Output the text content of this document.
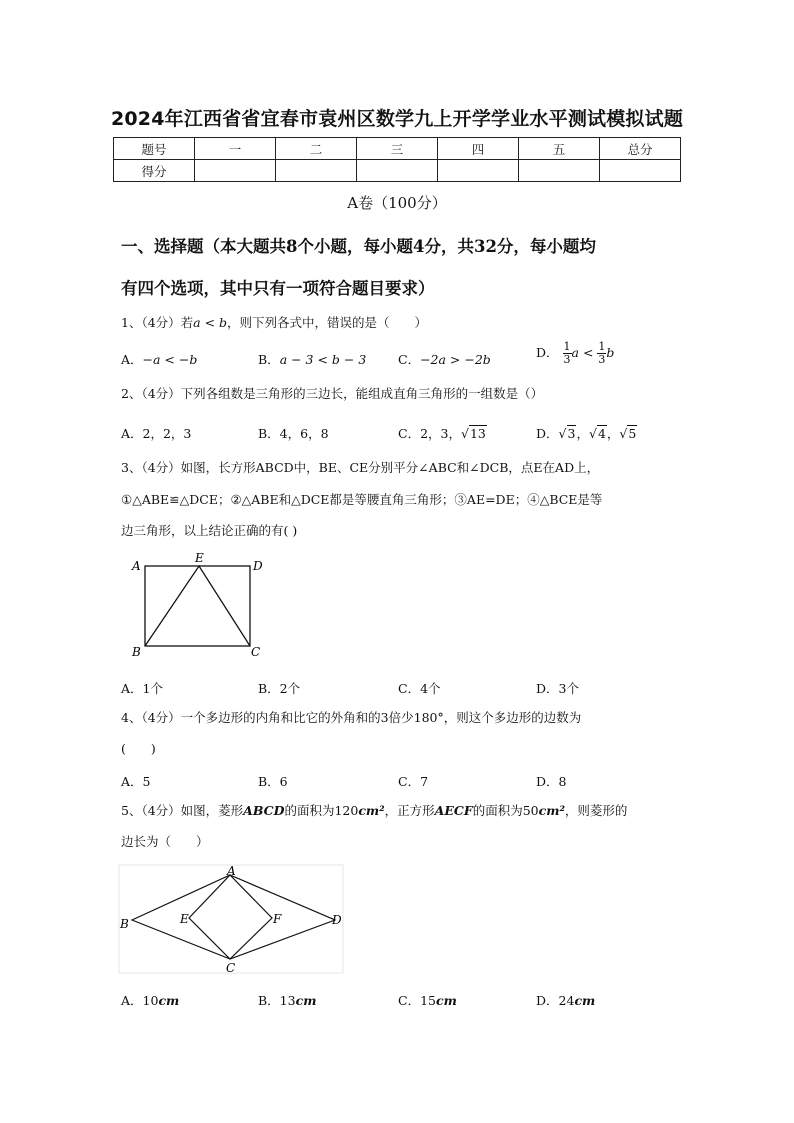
2024年江西省省宜春市袁州区数学九上开学学业水平测试模拟试题
题号	一	二	三	四	五	总分
得分						
A卷（100分）
一、选择题（本大题共8个小题，每小题4分，共32分，每小题均
有四个选项，其中只有一项符合题目要求）
1、（4分）若a < b，则下列各式中，错误的是（　　）
A．−a < −b	B．a − 3 < b − 3	C．−2a > −2b	D． $\frac{1}{3}$ $a < \frac{1}{3}$ b
2、（4分）下列各组数是三角形的三边长，能组成直角三角形的一组数是（）
A．2，2，3	B．4，6，8	C．2，3，√13	D．√3，√4，√5
3、（4分）如图，长方形ABCD中，BE、CE分别平分∠ABC和∠DCB，点E在AD上，
①△ABE≌△DCE；②△ABE和△DCE都是等腰直角三角形；③AE=DE；④△BCE是等
边三角形，以上结论正确的有( )
A
E
D
B	C
A．1个	B．2个	C．4个	D．3个
4、（4分）一个多边形的内角和比它的外角和的3倍少180°，则这个多边形的边数为
(　　)
A．5	B．6	C．7	D．8
5、（4分）如图，菱形ABCD的面积为120cm²，正方形AECF的面积为50cm²，则菱形的
边长为（　　）
A
B	E	F	D
C
A．10cm	B．13cm	C．15cm	D．24cm
